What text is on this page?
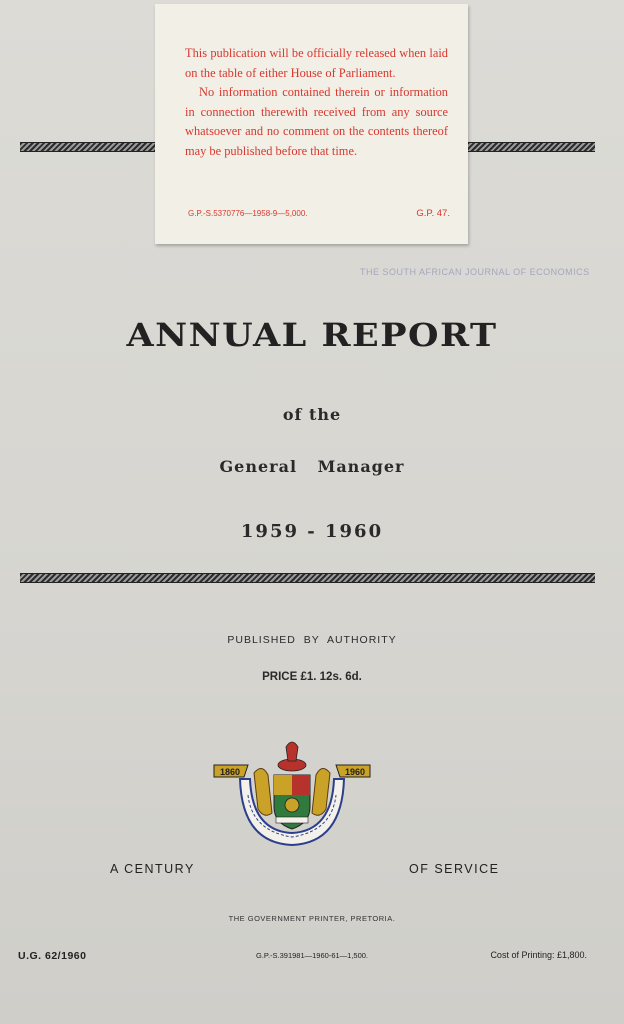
This publication will be officially released when laid on the table of either House of Parliament.

No information contained therein or information in connection therewith received from any source whatsoever and no comment on the contents thereof may be published before that time.

G.P.-S.5370776—1958-9—5,000.	G.P. 47.
THE SOUTH AFRICAN JOURNAL OF ECONOMICS
ANNUAL REPORT
of the
General Manager
1959 - 1960
PUBLISHED BY AUTHORITY
PRICE £1. 12s. 6d.
1860	1960
A CENTURY	OF SERVICE
THE GOVERNMENT PRINTER, PRETORIA.
U.G. 62/1960	G.P.-S.391981—1960-61—1,500.	Cost of Printing: £1,800.
